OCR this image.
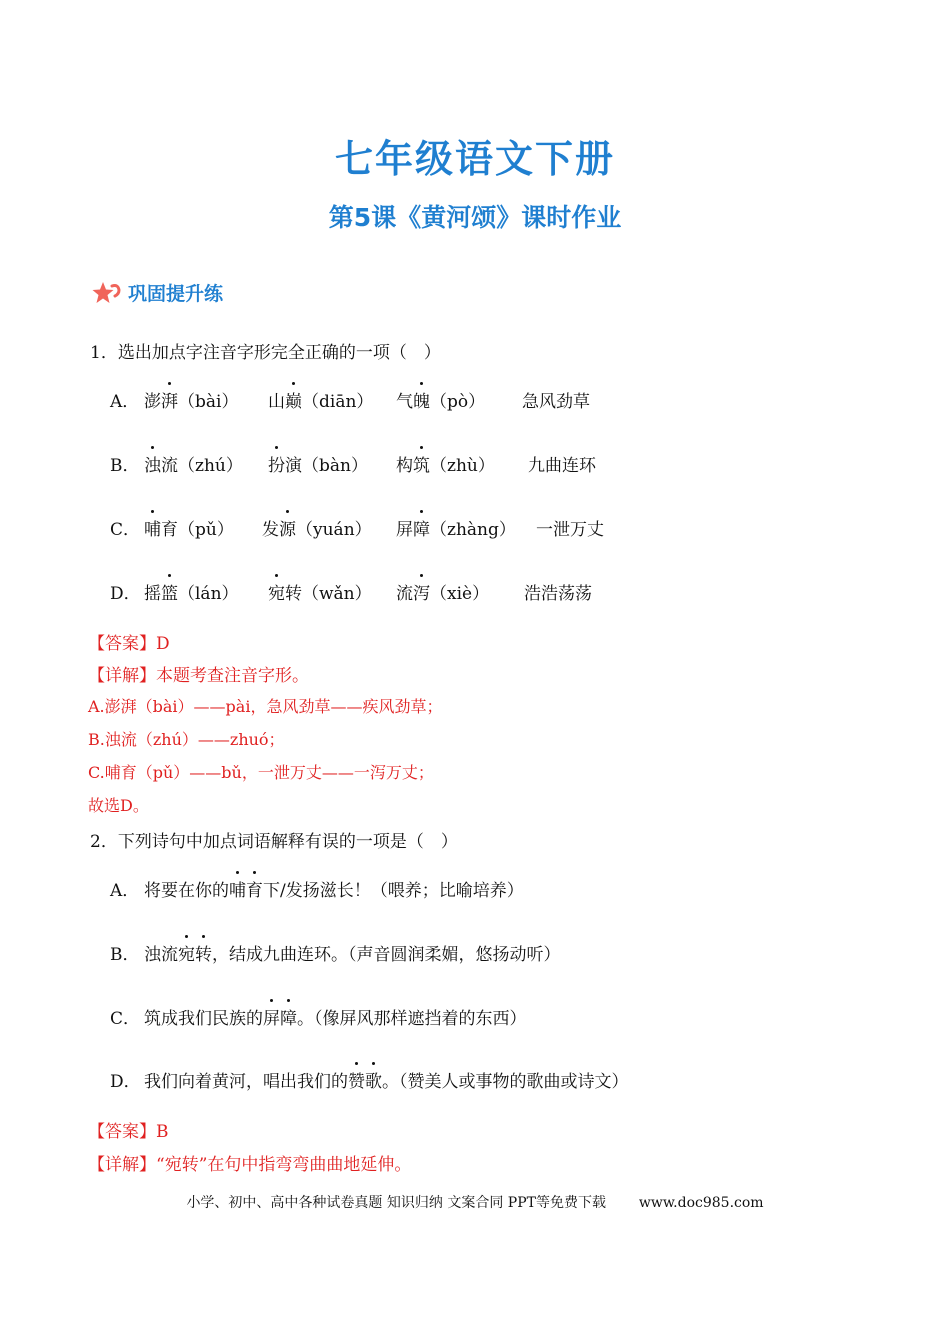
七年级语文下册
第5课《黄河颂》课时作业
巩固提升练
1．选出加点字注音字形完全正确的一项（　）
A． 澎湃（bài） 山巅（diān） 气魄（pò） 急风劲草
B． 浊流（zhú） 扮演（bàn） 构筑（zhù） 九曲连环
C． 哺育（pǔ） 发源（yuán） 屏障（zhàng） 一泄万丈
D． 摇篮（lán） 宛转（wǎn） 流泻（xiè） 浩浩荡荡
【答案】D
【详解】本题考查注音字形。
A.澎湃（bài）——pài，急风劲草——疾风劲草；
B.浊流（zhú）——zhuó；
C.哺育（pǔ）——bǔ，一泄万丈——一泻万丈；
故选D。
2．下列诗句中加点词语解释有误的一项是（　）
A． 将要在你的哺育下/发扬滋长！（喂养；比喻培养）
B． 浊流宛转，结成九曲连环。（声音圆润柔媚，悠扬动听）
C． 筑成我们民族的屏障。（像屏风那样遮挡着的东西）
D． 我们向着黄河，唱出我们的赞歌。（赞美人或事物的歌曲或诗文）
【答案】B
【详解】“宛转”在句中指弯弯曲曲地延伸。
小学、初中、高中各种试卷真题 知识归纳 文案合同 PPT等免费下载 www.doc985.com
